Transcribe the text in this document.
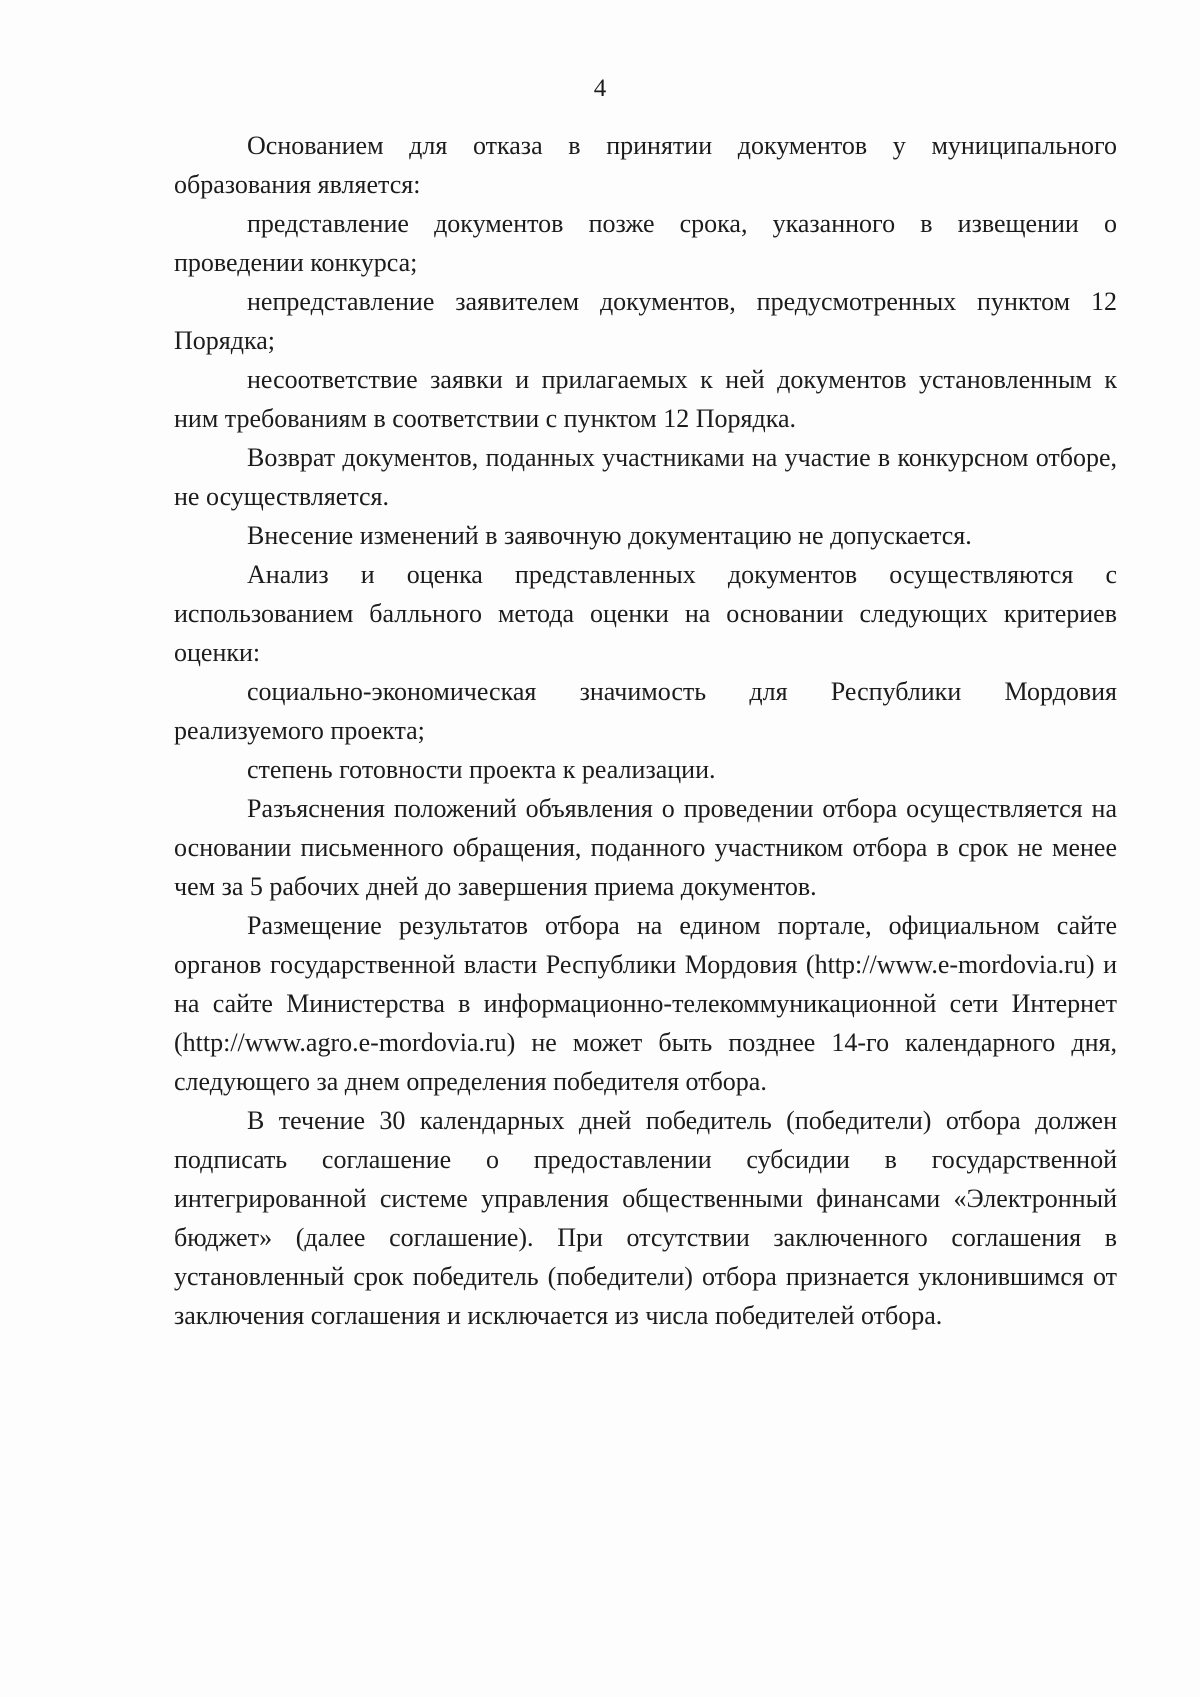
4

Основанием для отказа в принятии документов у муниципального образования является:

представление документов позже срока, указанного в извещении о проведении конкурса;

непредставление заявителем документов, предусмотренных пунктом 12 Порядка;

несоответствие заявки и прилагаемых к ней документов установленным к ним требованиям в соответствии с пунктом 12 Порядка.

Возврат документов, поданных участниками на участие в конкурсном отборе, не осуществляется.

Внесение изменений в заявочную документацию не допускается.

Анализ и оценка представленных документов осуществляются с использованием балльного метода оценки на основании следующих критериев оценки:

социально-экономическая значимость для Республики Мордовия реализуемого проекта;

степень готовности проекта к реализации.

Разъяснения положений объявления о проведении отбора осуществляется на основании письменного обращения, поданного участником отбора в срок не менее чем за 5 рабочих дней до завершения приема документов.

Размещение результатов отбора на едином портале, официальном сайте органов государственной власти Республики Мордовия (http://www.e-mordovia.ru) и на сайте Министерства в информационно-телекоммуникационной сети Интернет (http://www.agro.e-mordovia.ru) не может быть позднее 14-го календарного дня, следующего за днем определения победителя отбора.

В течение 30 календарных дней победитель (победители) отбора должен подписать соглашение о предоставлении субсидии в государственной интегрированной системе управления общественными финансами «Электронный бюджет» (далее соглашение). При отсутствии заключенного соглашения в установленный срок победитель (победители) отбора признается уклонившимся от заключения соглашения и исключается из числа победителей отбора.
